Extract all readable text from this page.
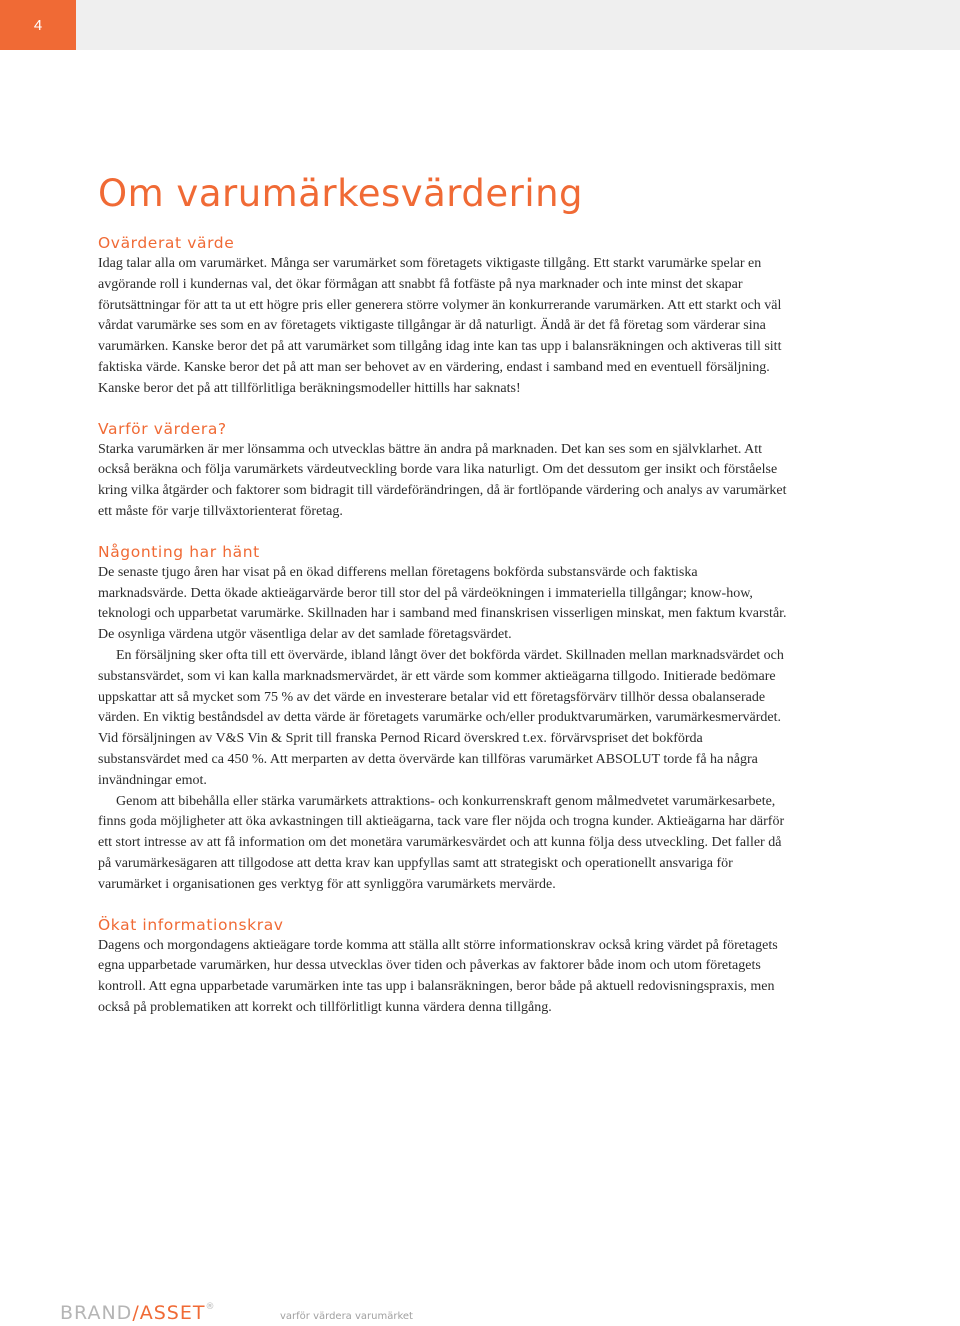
4
Om varumärkesvärdering
Ovärderat värde

Idag talar alla om varumärket. Många ser varumärket som företagets viktigaste tillgång. Ett starkt varumärke spelar en avgörande roll i kundernas val, det ökar förmågan att snabbt få fotfäste på nya marknader och inte minst det skapar förutsättningar för att ta ut ett högre pris eller generera större volymer än konkurrerande varumärken. Att ett starkt och väl vårdat varumärke ses som en av företagets viktigaste tillgångar är då naturligt. Ändå är det få företag som värderar sina varumärken. Kanske beror det på att varumärket som tillgång idag inte kan tas upp i balansräkningen och aktiveras till sitt faktiska värde. Kanske beror det på att man ser behovet av en värdering, endast i samband med en eventuell försäljning. Kanske beror det på att tillförlitliga beräkningsmodeller hittills har saknats!

Varför värdera?

Starka varumärken är mer lönsamma och utvecklas bättre än andra på marknaden. Det kan ses som en självklarhet. Att också beräkna och följa varumärkets värdeutveckling borde vara lika naturligt. Om det dessutom ger insikt och förståelse kring vilka åtgärder och faktorer som bidragit till värdeförändringen, då är fortlöpande värdering och analys av varumärket ett måste för varje tillväxtorienterat företag.

Någonting har hänt

De senaste tjugo åren har visat på en ökad differens mellan företagens bokförda substansvärde och faktiska marknadsvärde. Detta ökade aktieägarvärde beror till stor del på värdeökningen i immateriella tillgångar; know-how, teknologi och upparbetat varumärke. Skillnaden har i samband med finanskrisen visserligen minskat, men faktum kvarstår. De osynliga värdena utgör väsentliga delar av det samlade företagsvärdet.

En försäljning sker ofta till ett övervärde, ibland långt över det bokförda värdet. Skillnaden mellan marknadsvärdet och substansvärdet, som vi kan kalla marknadsmervärdet, är ett värde som kommer aktieägarna tillgodo. Initierade bedömare uppskattar att så mycket som 75 % av det värde en investerare betalar vid ett företagsförvärv tillhör dessa obalanserade värden. En viktig beståndsdel av detta värde är företagets varumärke och/eller produktvarumärken, varumärkesmervärdet. Vid försäljningen av V&S Vin & Sprit till franska Pernod Ricard överskred t.ex. förvärvspriset det bokförda substansvärdet med ca 450 %. Att merparten av detta övervärde kan tillföras varumärket ABSOLUT torde få ha några invändningar emot.

Genom att bibehålla eller stärka varumärkets attraktions- och konkurrenskraft genom målmedvetet varumärkesarbete, finns goda möjligheter att öka avkastningen till aktieägarna, tack vare fler nöjda och trogna kunder. Aktieägarna har därför ett stort intresse av att få information om det monetära varumärkesvärdet och att kunna följa dess utveckling. Det faller då på varumärkesägaren att tillgodose att detta krav kan uppfyllas samt att strategiskt och operationellt ansvariga för varumärket i organisationen ges verktyg för att synliggöra varumärkets mervärde.

Ökat informationskrav

Dagens och morgondagens aktieägare torde komma att ställa allt större informationskrav också kring värdet på företagets egna upparbetade varumärken, hur dessa utvecklas över tiden och påverkas av faktorer både inom och utom företagets kontroll. Att egna upparbetade varumärken inte tas upp i balansräkningen, beror både på aktuell redovisningspraxis, men också på problematiken att korrekt och tillförlitligt kunna värdera denna tillgång.

BRAND/ASSET®
varför värdera varumärket
